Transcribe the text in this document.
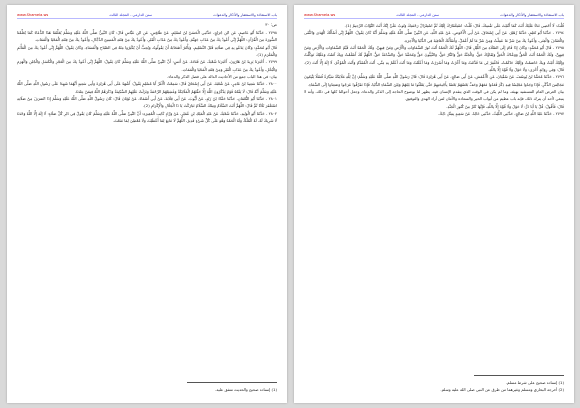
باب الاستعاذة والاستغفار والأذكار والدعوات
سنن الدارمي - المجلد الثالث
www.Shamela.ws
ص: ٣٠

٢٧٩٨ - حَدَّثَنَا أَبُو عَاصِمٍ، عَنِ ابْنِ جُرَيْجٍ، حَدَّثَنِي الْحَسَنُ بْنُ مُسْلِمٍ، عَنْ طَاوُسٍ، عَنِ ابْنِ عَبَّاسٍ قَالَ: كَانَ النَّبِيُّ صَلَّى اللَّهُ عَلَيْهِ وَسَلَّمَ يُعَلِّمُنَا هَذَا الدُّعَاءَ كَمَا يُعَلِّمُنَا السُّورَةَ مِنَ الْقُرْآنِ: اللَّهُمَّ إِنِّي أَعُوذُ بِكَ مِنْ عَذَابِ جَهَنَّمَ، وَأَعُوذُ بِكَ مِنْ عَذَابِ الْقَبْرِ، وَأَعُوذُ بِكَ مِنْ فِتْنَةِ الْمَسِيحِ الدَّجَّالِ، وَأَعُوذُ بِكَ مِنْ فِتْنَةِ الْمَحْيَا وَالْمَمَاتِ.

قَالَ أَبُو مُحَمَّدٍ: وَكَانَ يَدْعُو بِهِ فِي صَلَاتِهِ قَبْلَ التَّسْلِيمِ، وَيَأْمُرُ أَصْحَابَهُ أَنْ يَقُولُوهُ، وَيُحِبُّ أَنْ يُكْثِرُوا مِنْهُ فِي الصَّبَاحِ وَالْمَسَاءِ، وَكَانَ يَقُولُ: اللَّهُمَّ إِنِّي أَعُوذُ بِكَ مِنَ الْمَأْثَمِ وَالْمَغْرَمِ (1).

٢٧٩٩ - أَخْبَرَنَا يَزِيدُ بْنُ هَارُونَ، أَخْبَرَنَا شُعْبَةُ، عَنْ قَتَادَةَ، عَنْ أَنَسٍ: أَنَّ النَّبِيَّ صَلَّى اللَّهُ عَلَيْهِ وَسَلَّمَ كَانَ يَقُولُ: اللَّهُمَّ إِنِّي أَعُوذُ بِكَ مِنَ الْعَجْزِ وَالْكَسَلِ وَالْجُبْنِ وَالْهَرَمِ وَالْبُخْلِ، وَأَعُوذُ بِكَ مِنْ عَذَابِ الْقَبْرِ وَمِنْ فِتْنَةِ الْمَحْيَا وَالْمَمَاتِ.

بيان: في هذا الباب جمع من الأحاديث الدالة على فضل الذكر والدعاء.

٢٨٠٠ - حَدَّثَنَا سَعِيدُ بْنُ عَامِرٍ، عَنْ شُعْبَةَ، عَنْ أَبِي إِسْحَاقَ قَالَ: سَمِعْتُ الْأَغَرَّ أَبَا مُسْلِمٍ يَقُولُ: أَشْهَدُ عَلَى أَبِي هُرَيْرَةَ وَأَبِي سَعِيدٍ أَنَّهُمَا شَهِدَا عَلَى رَسُولِ اللَّهِ صَلَّى اللَّهُ عَلَيْهِ وَسَلَّمَ أَنَّهُ قَالَ: لَا يَقْعُدُ قَوْمٌ يَذْكُرُونَ اللَّهَ إِلَّا حَفَّتْهُمُ الْمَلَائِكَةُ وَغَشِيَتْهُمُ الرَّحْمَةُ وَنَزَلَتْ عَلَيْهِمُ السَّكِينَةُ وَذَكَرَهُمُ اللَّهُ فِيمَنْ عِنْدَهُ.

٢٨٠١ - حَدَّثَنَا أَبُو النُّعْمَانِ، حَدَّثَنَا حَمَّادُ بْنُ زَيْدٍ، عَنْ أَيُّوبَ، عَنْ أَبِي قِلَابَةَ، عَنْ أَبِي أَسْمَاءَ، عَنْ ثَوْبَانَ قَالَ: كَانَ رَسُولُ اللَّهِ صَلَّى اللَّهُ عَلَيْهِ وَسَلَّمَ إِذَا انْصَرَفَ مِنْ صَلَاتِهِ اسْتَغْفَرَ ثَلَاثًا ثُمَّ قَالَ: اللَّهُمَّ أَنْتَ السَّلَامُ وَمِنْكَ السَّلَامُ تَبَارَكْتَ يَا ذَا الْجَلَالِ وَالْإِكْرَامِ (2).

٢٨٠٢ - حَدَّثَنَا أَبُو الْوَلِيدِ، حَدَّثَنَا شُعْبَةُ، عَنْ عَبْدِ الْمَلِكِ بْنِ عُمَيْرٍ، عَنْ وَرَّادٍ كَاتِبِ الْمُغِيرَةِ: أَنَّ النَّبِيَّ صَلَّى اللَّهُ عَلَيْهِ وَسَلَّمَ كَانَ يَقُولُ فِي دُبُرِ كُلِّ صَلَاةٍ: لَا إِلَهَ إِلَّا اللَّهُ وَحْدَهُ لَا شَرِيكَ لَهُ، لَهُ الْمُلْكُ وَلَهُ الْحَمْدُ وَهُوَ عَلَى كُلِّ شَيْءٍ قَدِيرٌ، اللَّهُمَّ لَا مَانِعَ لِمَا أَعْطَيْتَ وَلَا مُعْطِيَ لِمَا مَنَعْتَ.

(1) إسناده صحيح والحديث متفق عليه.

باب الاستعاذة والاستغفار والأذكار والدعوات
سنن الدارمي - المجلد الثالث
www.Shamela.ws

قُلْتُ: لَا أَحْصِي تَنَاءً عَلَيْكَ أَنْتَ كَمَا أَثْنَيْتَ عَلَى نَفْسِكَ، قَالَ: قُلْتُ: اسْتِغْفَارُكَ إِلَيْكَ ثُمَّ اسْتِنْزَالُ رَحْمَتِكَ وَتُوبُ عَلَيَّ إِنَّكَ أَنْتَ التَّوَّابُ الرَّحِيمُ (1).

٢٧٩٤ - حَدَّثَنَا أَبُو نُعَيْمٍ، حَدَّثَنَا زُهَيْرٌ، عَنْ أَبِي إِسْحَاقَ، عَنْ أَبِي الْأَحْوَصِ، عَنْ عَبْدِ اللَّهِ، عَنِ النَّبِيِّ صَلَّى اللَّهُ عَلَيْهِ وَسَلَّمَ أَنَّهُ كَانَ يَقُولُ: اللَّهُمَّ إِنِّي أَسْأَلُكَ الْهُدَى وَالتُّقَى وَالْعَفَافَ وَالْغِنَى، وَأَعُوذُ بِكَ مِنْ شَرِّ مَا عَمِلْتُ وَمِنْ شَرِّ مَا لَمْ أَعْمَلْ، وَأَسْأَلُكَ الْعَافِيَةَ فِي الدُّنْيَا وَالْآخِرَةِ.

٢٧٩٥ - قَالَ أَبُو مُحَمَّدٍ: وَكَانَ إِذَا قَامَ إِلَى الصَّلَاةِ مِنَ اللَّيْلِ قَالَ: اللَّهُمَّ لَكَ الْحَمْدُ أَنْتَ نُورُ السَّمَاوَاتِ وَالْأَرْضِ وَمَنْ فِيهِنَّ، وَلَكَ الْحَمْدُ أَنْتَ قَيِّمُ السَّمَاوَاتِ وَالْأَرْضِ وَمَنْ فِيهِنَّ، وَلَكَ الْحَمْدُ أَنْتَ الْحَقُّ وَوَعْدُكَ الْحَقُّ وَلِقَاؤُكَ حَقٌّ، وَالْجَنَّةُ حَقٌّ وَالنَّارُ حَقٌّ، وَالنَّبِيُّونَ حَقٌّ وَمُحَمَّدٌ حَقٌّ، وَالسَّاعَةُ حَقٌّ، اللَّهُمَّ لَكَ أَسْلَمْتُ وَبِكَ آمَنْتُ وَعَلَيْكَ تَوَكَّلْتُ وَإِلَيْكَ أَنَبْتُ وَبِكَ خَاصَمْتُ وَإِلَيْكَ حَاكَمْتُ، فَاغْفِرْ لِي مَا قَدَّمْتُ وَمَا أَخَّرْتُ وَمَا أَسْرَرْتُ وَمَا أَعْلَنْتُ وَمَا أَنْتَ أَعْلَمُ بِهِ مِنِّي، أَنْتَ الْمُقَدِّمُ وَأَنْتَ الْمُؤَخِّرُ، لَا إِلَهَ إِلَّا أَنْتَ (2). قَالَ: وَفِي رِوَايَةٍ أُخْرَى: وَلَا حَوْلَ وَلَا قُوَّةَ إِلَّا بِاللَّهِ.

٢٧٩٦ - حَدَّثَنَا مُحَمَّدُ بْنُ يُوسُفَ، عَنْ سُفْيَانَ، عَنِ الْأَعْمَشِ، عَنْ أَبِي صَالِحٍ، عَنْ أَبِي هُرَيْرَةَ قَالَ: قَالَ رَسُولُ اللَّهِ صَلَّى اللَّهُ عَلَيْهِ وَسَلَّمَ: إِنَّ لِلَّهِ مَلَائِكَةً سَيَّارَةً فُضُلًا يَتَّبِعُونَ مَجَالِسَ الذِّكْرِ، فَإِذَا وَجَدُوا مَجْلِسًا فِيهِ ذِكْرٌ قَعَدُوا مَعَهُمْ وَحَفَّ بَعْضُهُمْ بَعْضًا بِأَجْنِحَتِهِمْ حَتَّى يَمْلَئُوا مَا بَيْنَهُمْ وَبَيْنَ السَّمَاءِ الدُّنْيَا، فَإِذَا تَفَرَّقُوا عَرَجُوا وَصَعِدُوا إِلَى السَّمَاءِ.

بيان الغرض العام المستفيد بهيئه، وما لم يكن في الوقت الذي يتقدم الإنسان فيه، يظهر لنا بوضوح الحاجة إلى الذكر والدعاء، وجعل أحوالنا كلها في ذلك، وأنه لا ينبغي لأحد أن يترك ذلك، فإنه باب عظيم من أبواب الخير والسعادة والأمان لمن أراد الهدى والتوفيق.

قَالَ: فَأَقُولُ: قُلْ يَا أَبَا ذَرٍّ: لَا حَوْلَ وَلَا قُوَّةَ إِلَّا بِاللَّهِ، فَإِنَّهَا كَنْزٌ مِنْ كُنُوزِ الْجَنَّةِ.

٢٧٩٧ - حَدَّثَنَا عَبْدُ اللَّهِ بْنُ صَالِحٍ، حَدَّثَنِي اللَّيْثُ، حَدَّثَنِي خَالِدٌ، عَنْ سَعِيدٍ بِمِثْلِ ذَلِكَ.

(1) إسناده صحيح على شرط مسلم.

(2) أخرجه البخاري ومسلم وغيرهما من طرق عن النبي صلى الله عليه وسلم.
